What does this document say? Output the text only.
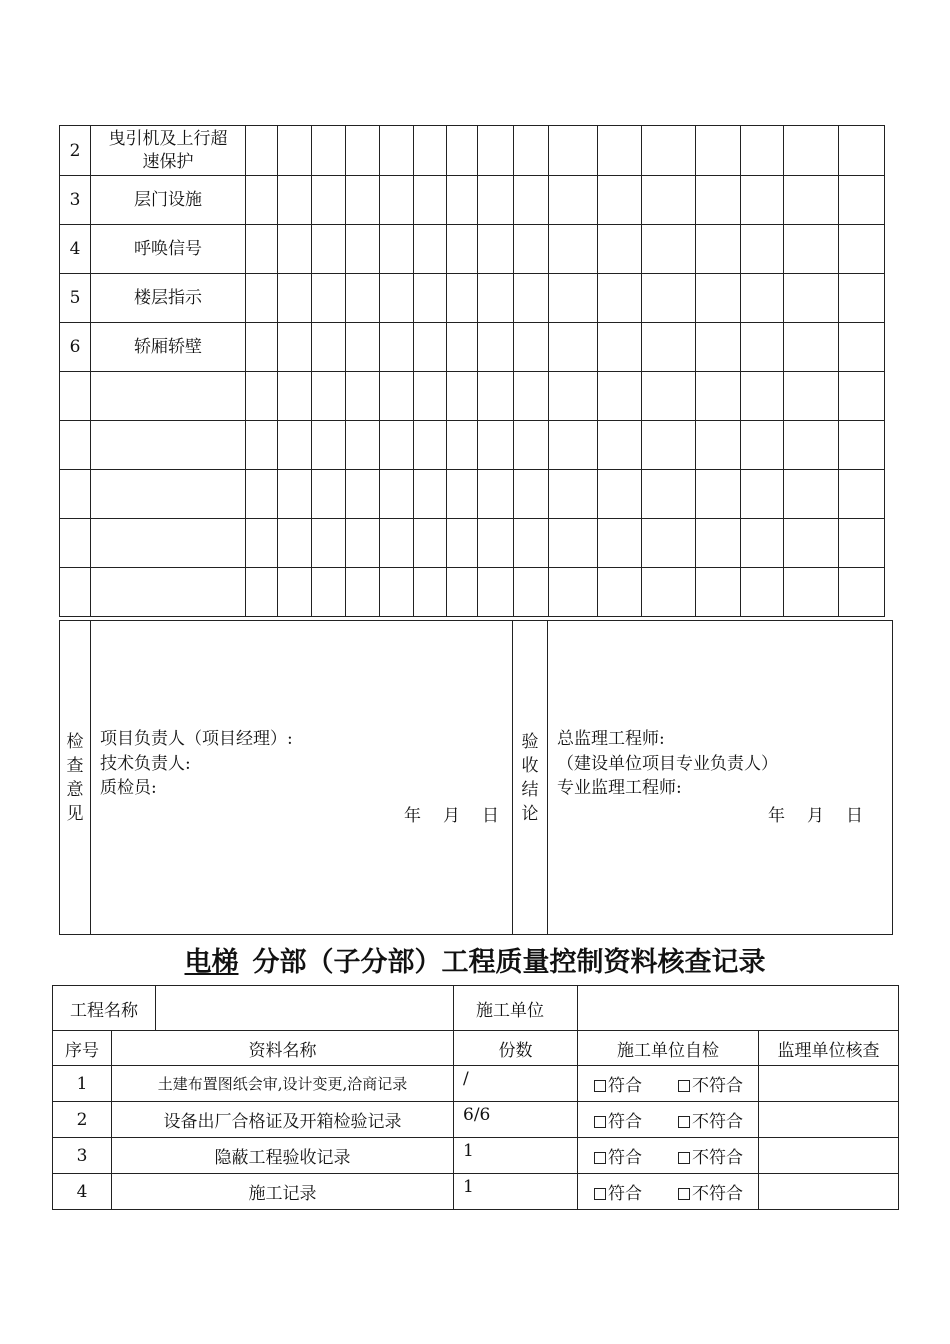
2	曳引机及上行超
速保护																
3	层门设施																
4	呼唤信号																
5	楼层指示																
6	轿厢轿壁																

检
查
意
见

项目负责人（项目经理）:
技术负责人:
质检员:
年 月 日

验
收
结
论

总监理工程师:
（建设单位项目专业负责人）
专业监理工程师:
年 月 日
电梯 分部（子分部）工程质量控制资料核查记录
工程名称			施工单位		
序号	资料名称		份数	施工单位自检	监理单位核查
1	土建布置图纸会审,设计变更,洽商记录		/	符合 不符合	
2	设备出厂合格证及开箱检验记录		6/6	符合 不符合	
3	隐蔽工程验收记录		1	符合 不符合	
4	施工记录		1	符合 不符合	
